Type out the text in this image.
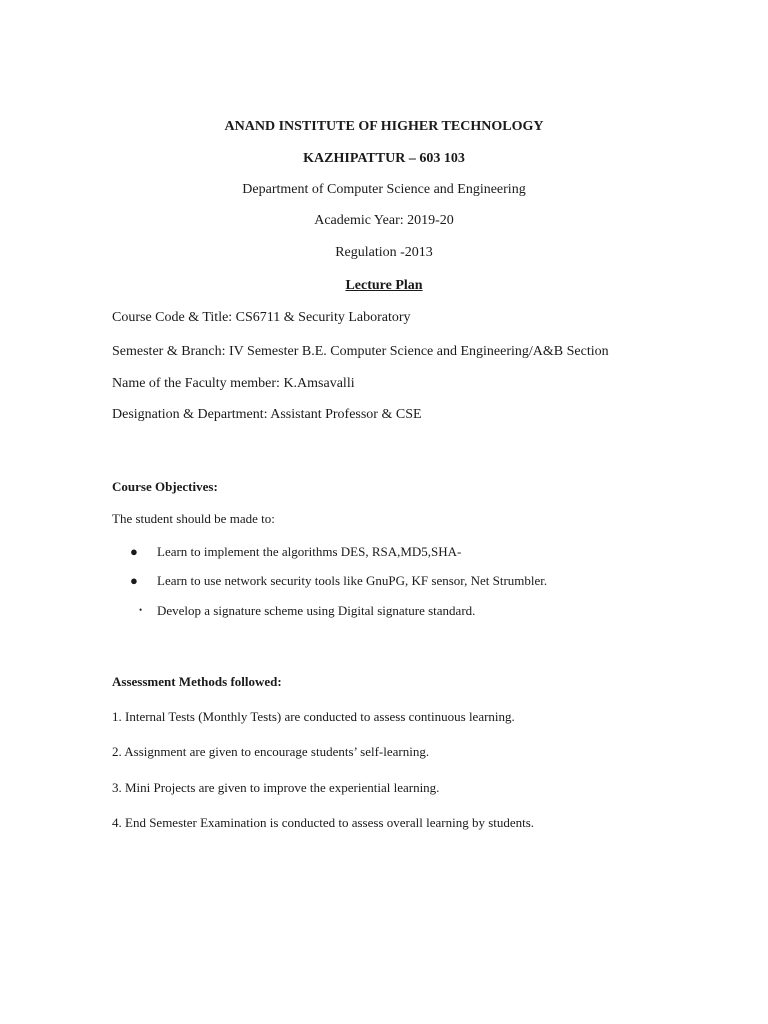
ANAND INSTITUTE OF HIGHER TECHNOLOGY
KAZHIPATTUR – 603 103
Department of Computer Science and Engineering
Academic Year: 2019-20
Regulation -2013
Lecture Plan
Course Code & Title: CS6711 & Security Laboratory
Semester & Branch: IV Semester B.E. Computer Science and Engineering/A&B Section
Name of the Faculty member: K.Amsavalli
Designation & Department: Assistant Professor & CSE
Course Objectives:
The student should be made to:
● Learn to implement the algorithms DES, RSA,MD5,SHA-
● Learn to use network security tools like GnuPG, KF sensor, Net Strumbler.
• Develop a signature scheme using Digital signature standard.
Assessment Methods followed:
1. Internal Tests (Monthly Tests) are conducted to assess continuous learning.
2. Assignment are given to encourage students’ self-learning.
3. Mini Projects are given to improve the experiential learning.
4. End Semester Examination is conducted to assess overall learning by students.
